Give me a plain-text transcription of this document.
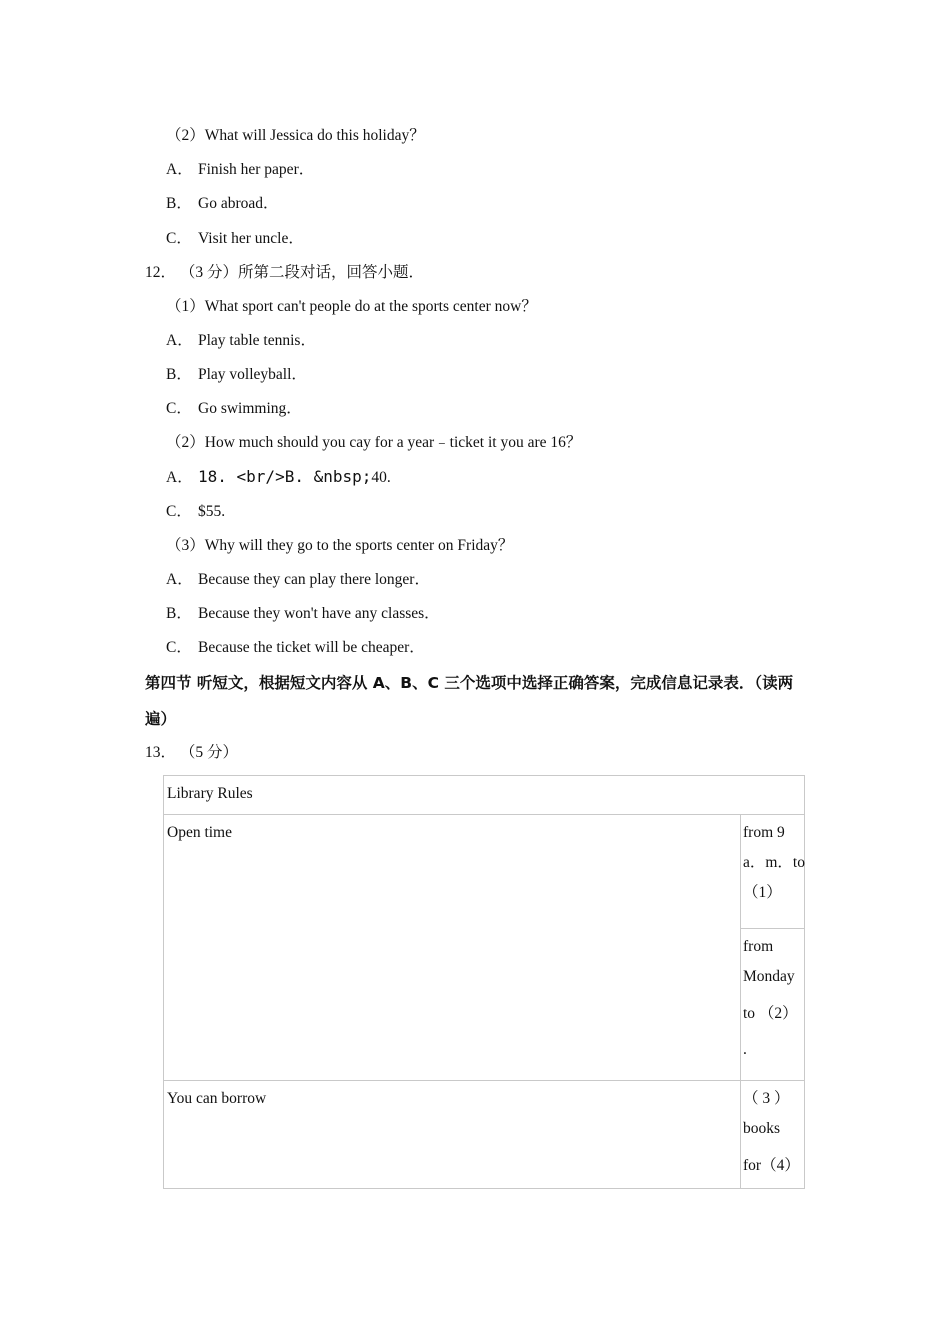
（2）What will Jessica do this holiday？
A． Finish her paper．
B． Go abroad．
C． Visit her uncle．
12． （3 分）所第二段对话，回答小题．
（1）What sport can't people do at the sports center now？
A． Play table tennis．
B． Play volleyball．
C． Go swimming．
（2）How much should you cay for a year﹣ticket it you are 16？
A． 18. <br/>B. &nbsp;40.
C． $55.
（3）Why will they go to the sports center on Friday？
A． Because they can play there longer．
B． Because they won't have any classes．
C． Because the ticket will be cheaper．
第四节 听短文，根据短文内容从 A、B、C 三个选项中选择正确答案，完成信息记录表．（读两
遍）
13． （5 分）
Library Rules	

Open time	from 9
a．m．to
（1）

	from
Monday
to （2）
.

You can borrow	（ 3 ）
books
for（4）
